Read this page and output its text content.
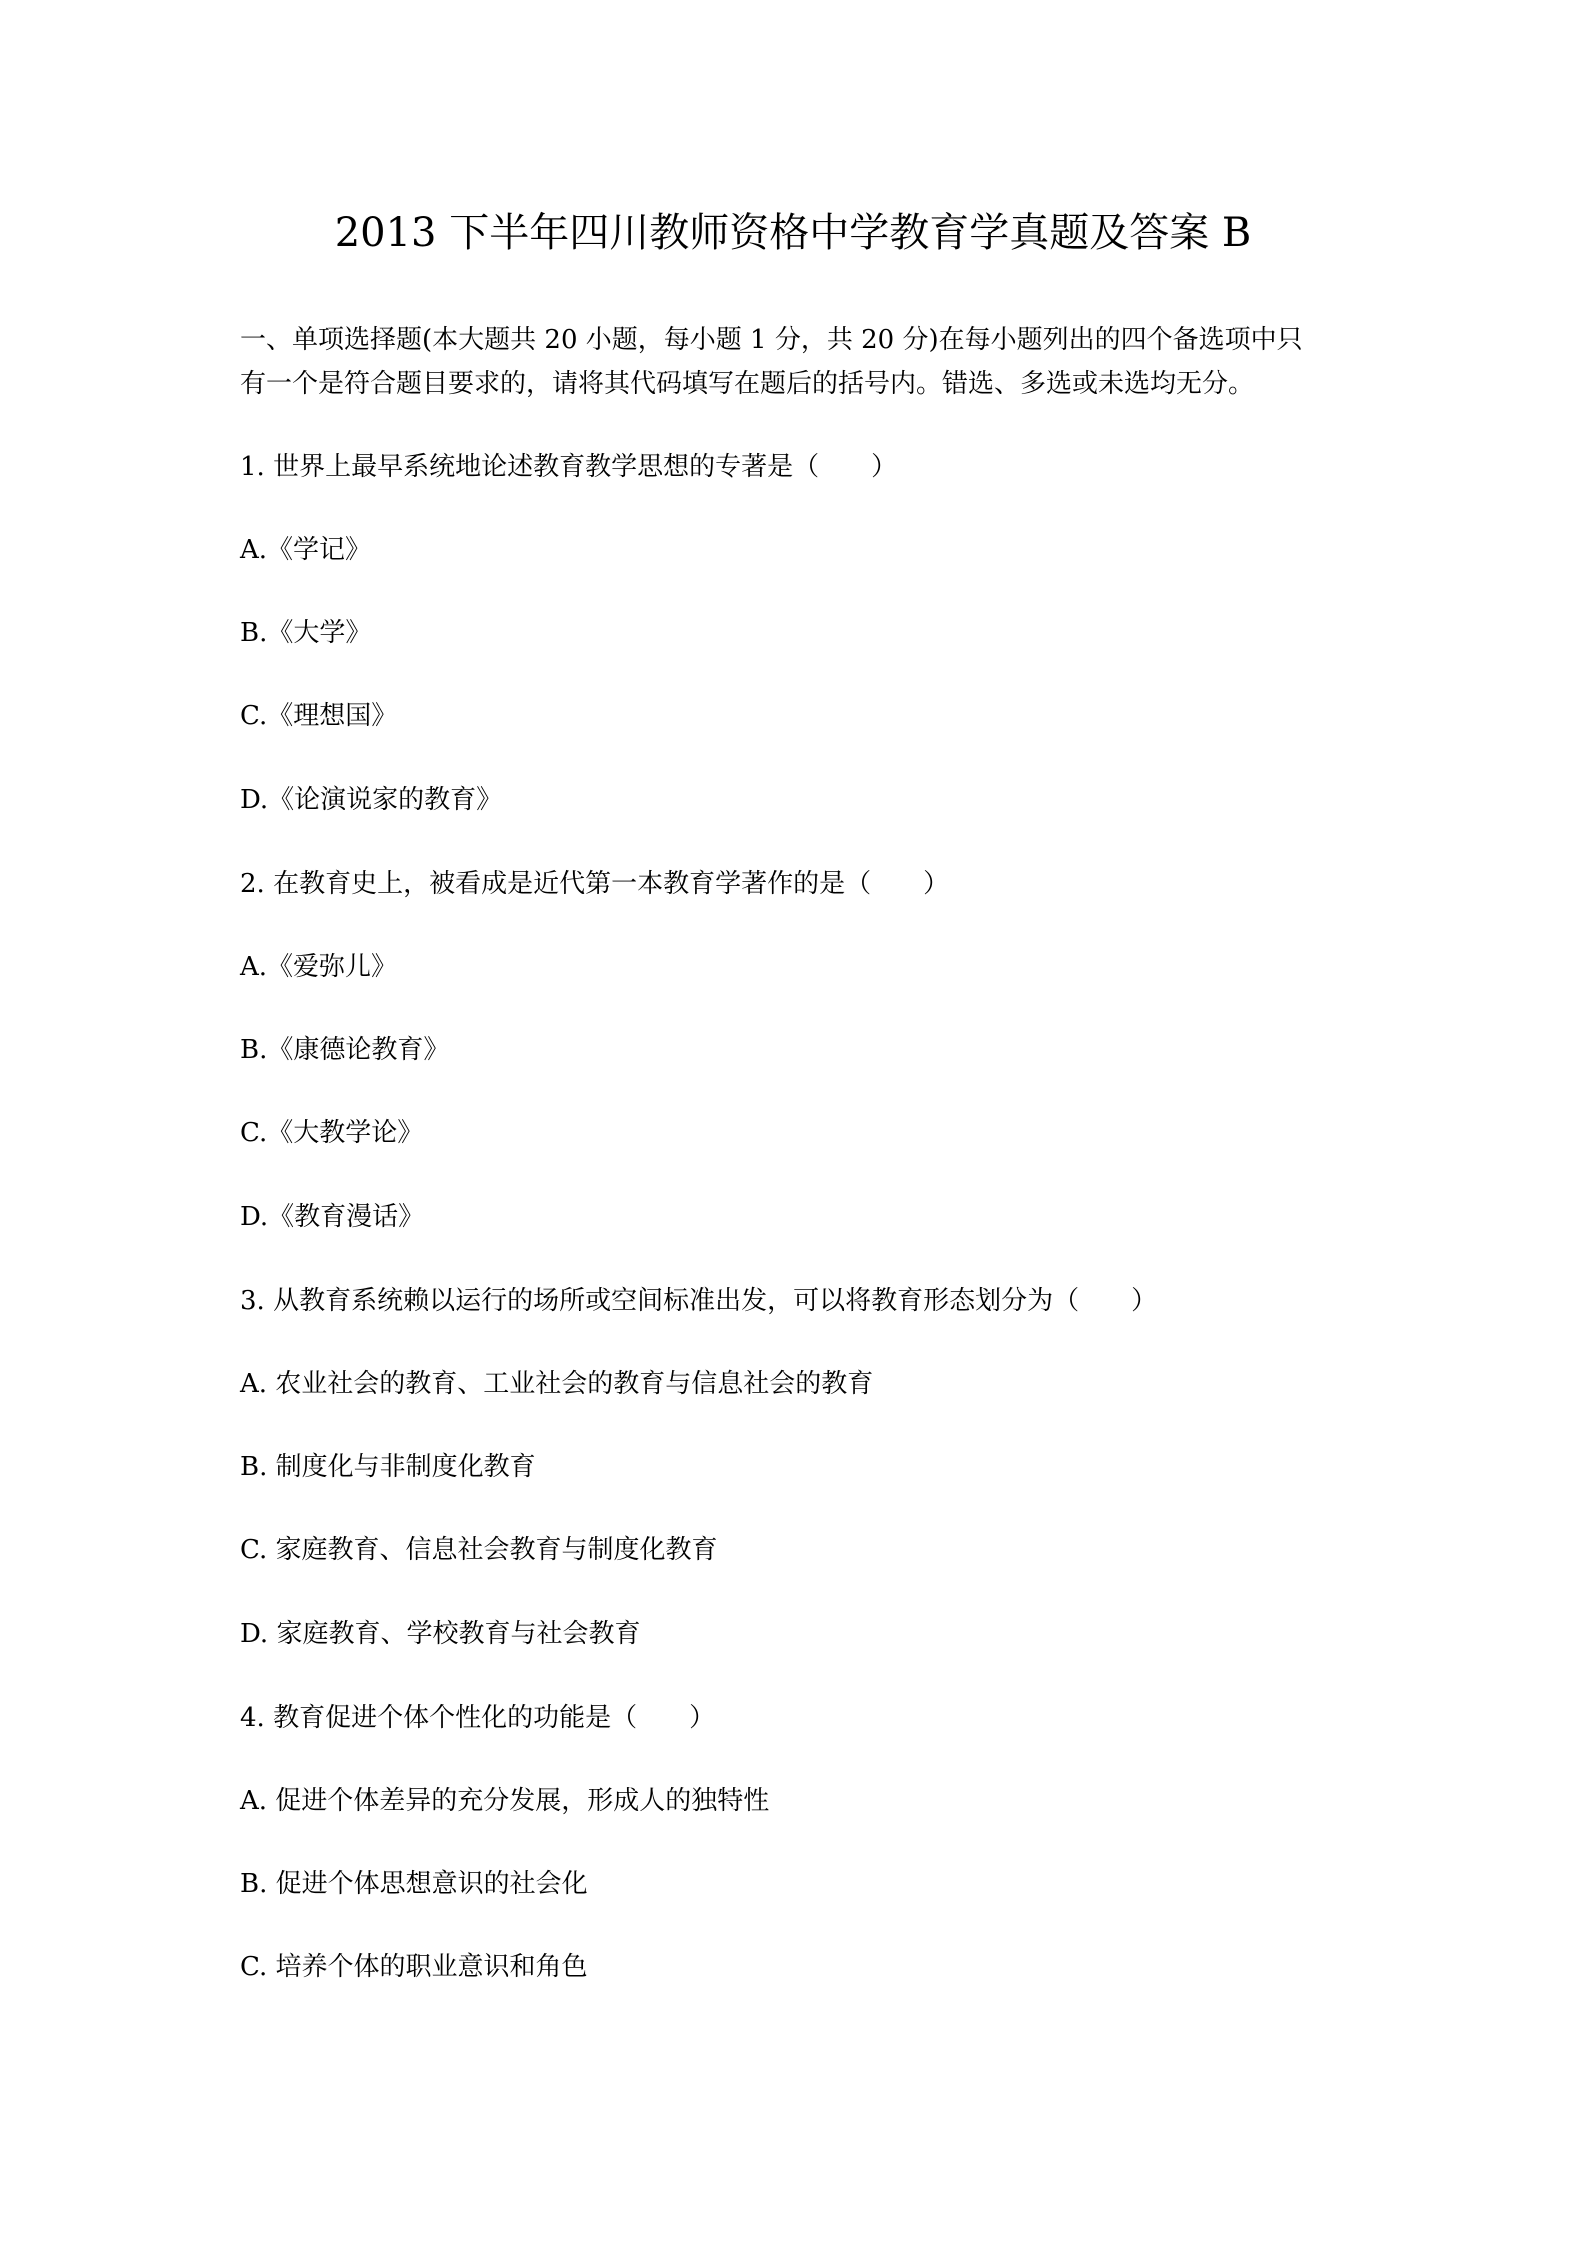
2013 下半年四川教师资格中学教育学真题及答案 B

一、单项选择题(本大题共 20 小题，每小题 1 分，共 20 分)在每小题列出的四个备选项中只

有一个是符合题目要求的，请将其代码填写在题后的括号内。错选、多选或未选均无分。

1. 世界上最早系统地论述教育教学思想的专著是（　　）

A.《学记》

B.《大学》

C.《理想国》

D.《论演说家的教育》

2. 在教育史上，被看成是近代第一本教育学著作的是（　　）

A.《爱弥儿》

B.《康德论教育》

C.《大教学论》

D.《教育漫话》

3. 从教育系统赖以运行的场所或空间标准出发，可以将教育形态划分为（　　）

A. 农业社会的教育、工业社会的教育与信息社会的教育

B. 制度化与非制度化教育

C. 家庭教育、信息社会教育与制度化教育

D. 家庭教育、学校教育与社会教育

4. 教育促进个体个性化的功能是（　　）

A. 促进个体差异的充分发展，形成人的独特性

B. 促进个体思想意识的社会化

C. 培养个体的职业意识和角色
